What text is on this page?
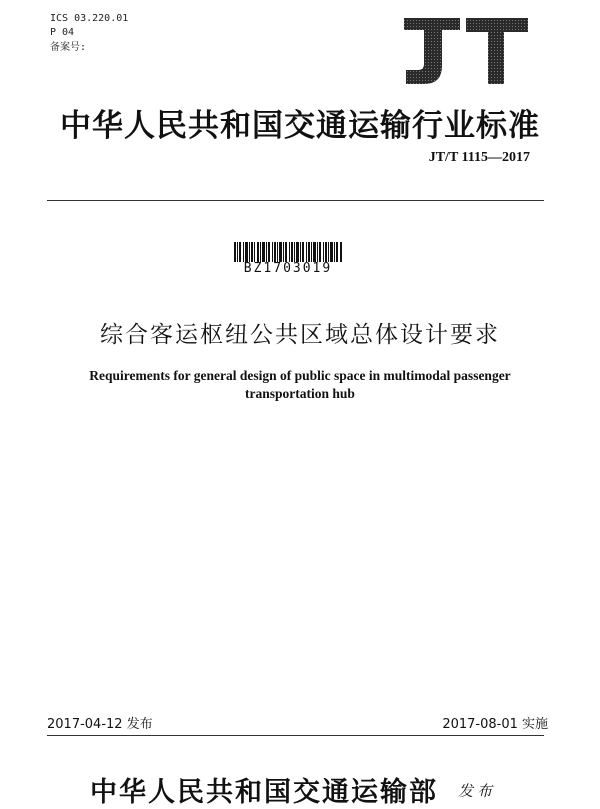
ICS 03.220.01
P 04
备案号:
中华人民共和国交通运输行业标准
JT/T 1115—2017
BZ1703019
综合客运枢纽公共区域总体设计要求
Requirements for general design of public space in multimodal passenger
transportation hub
2017-04-12 发布	2017-08-01 实施
中华人民共和国交通运输部 发布
